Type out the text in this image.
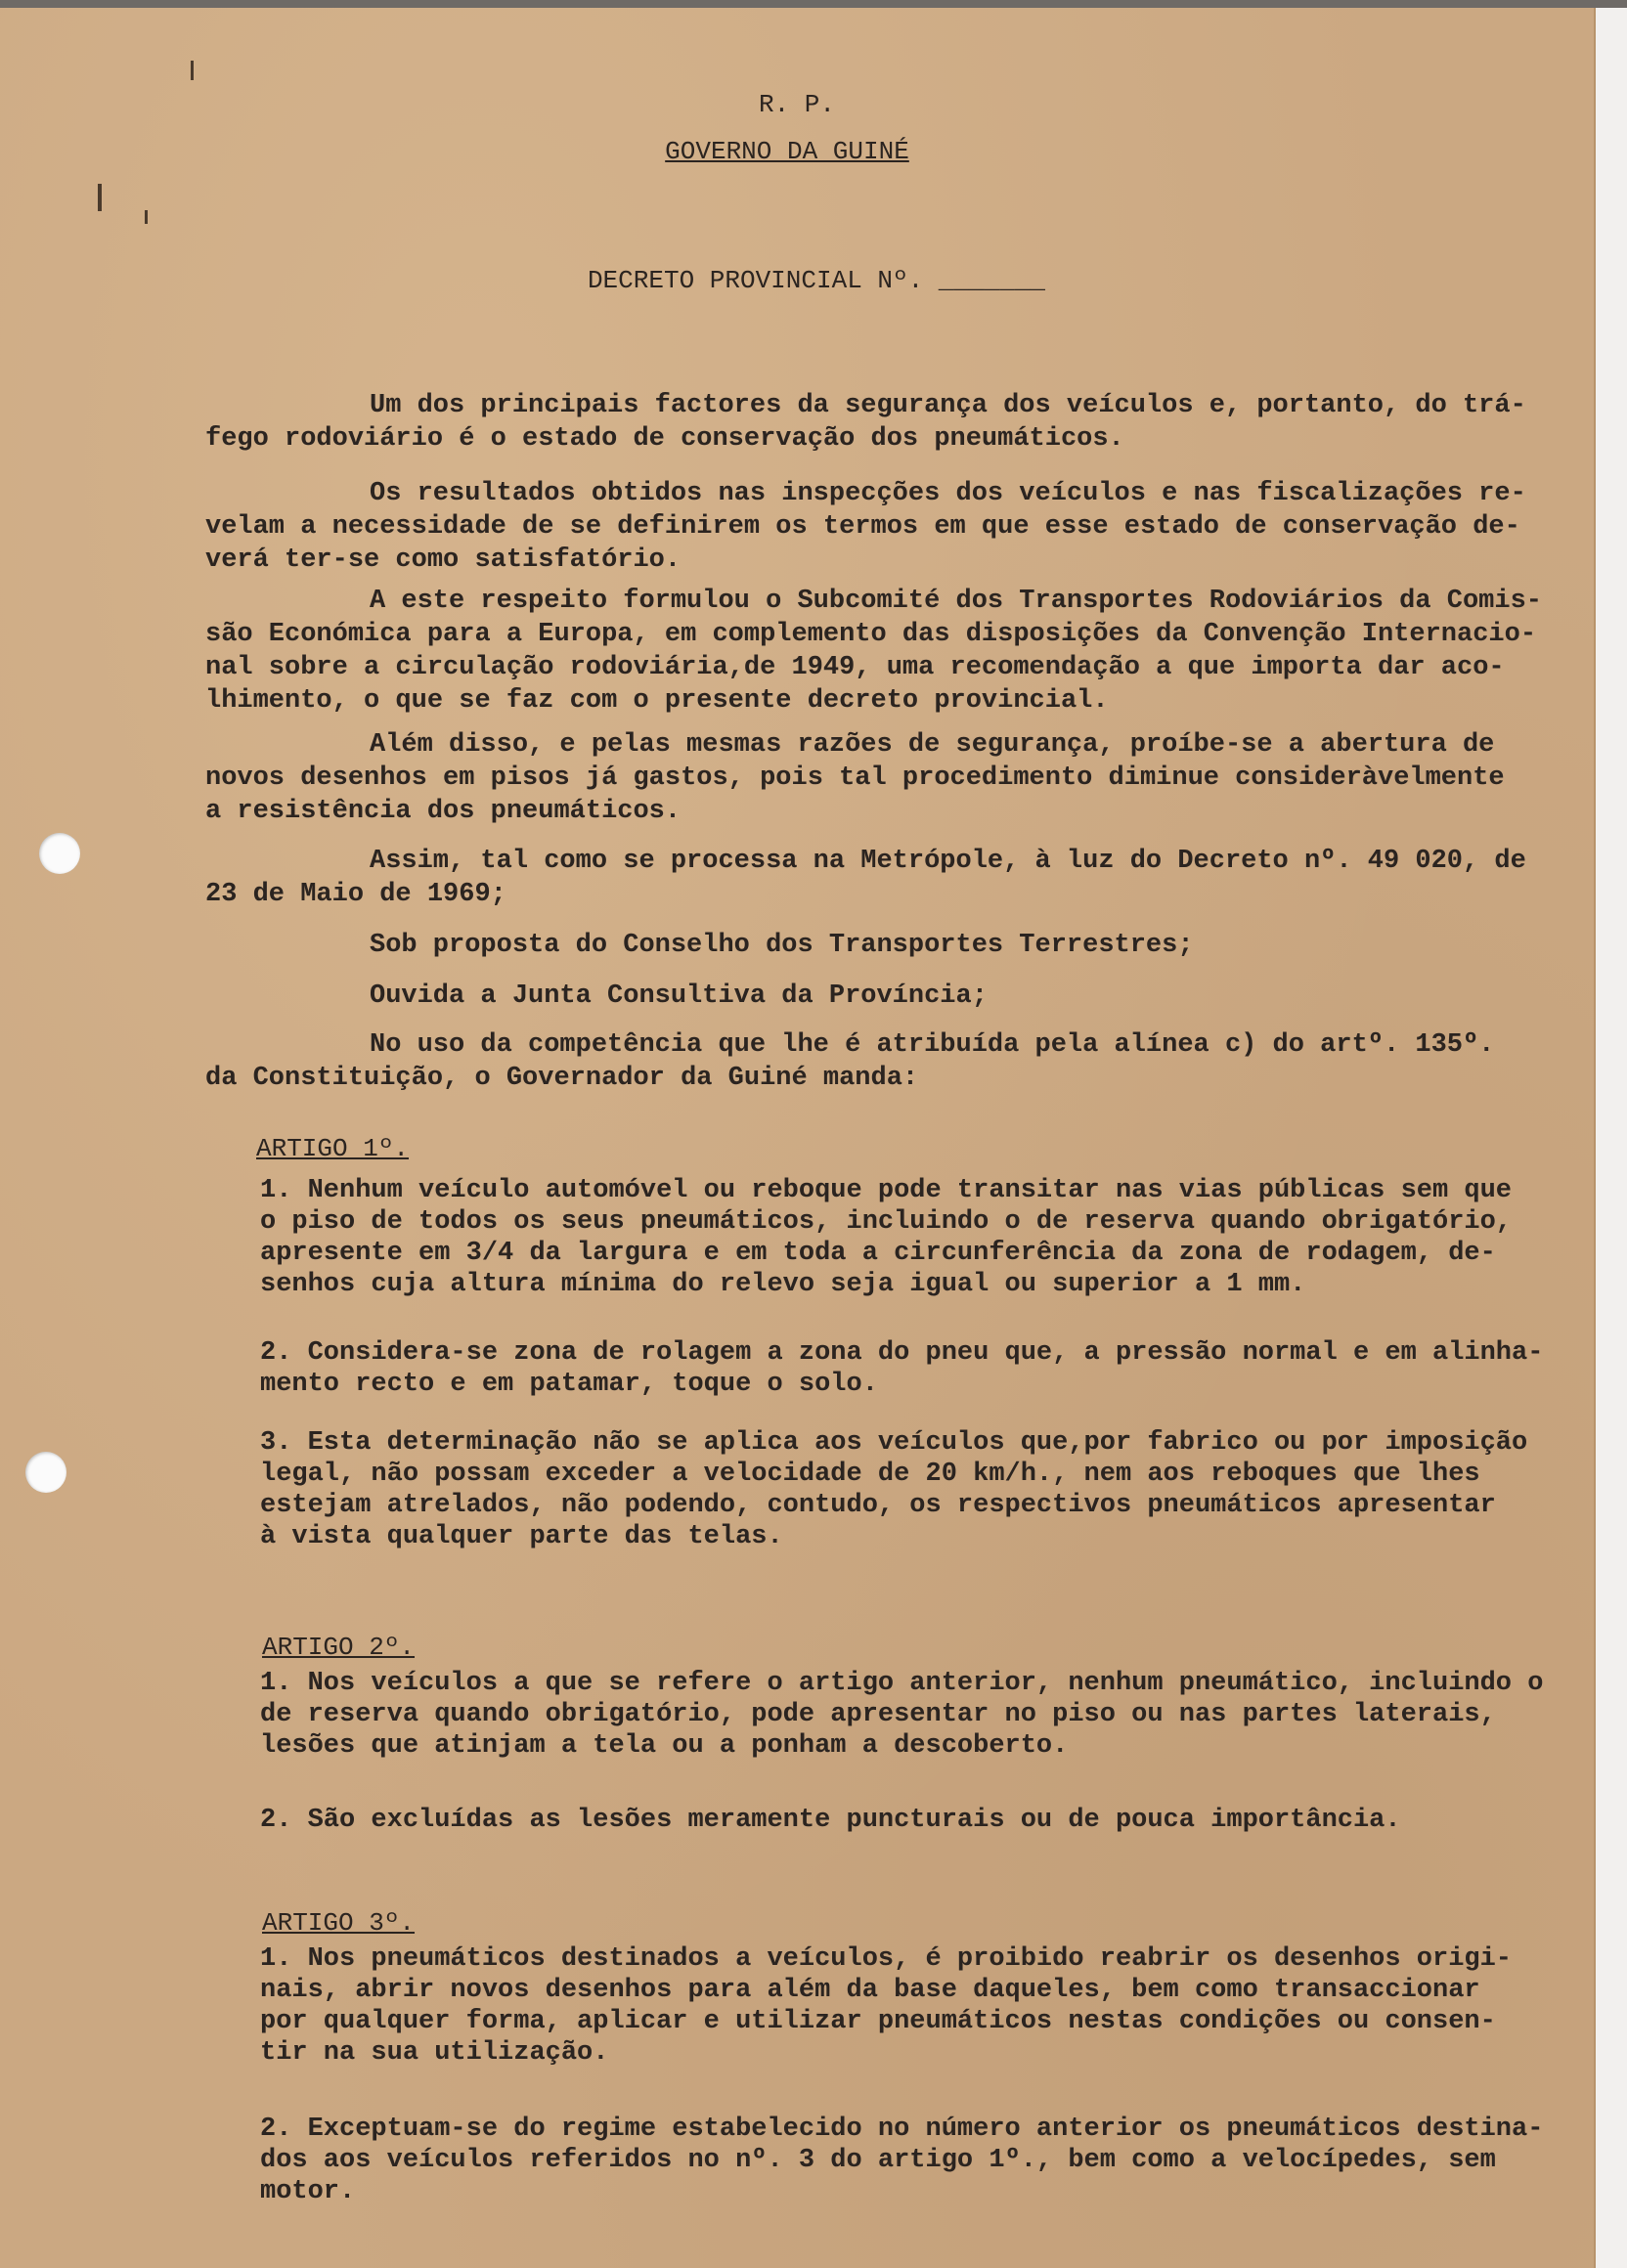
R. P.
GOVERNO DA GUINÉ
DECRETO PROVINCIAL Nº. _______
Um dos principais factores da segurança dos veículos e, portanto, do trá-
fego rodoviário é o estado de conservação dos pneumáticos.
Os resultados obtidos nas inspecções dos veículos e nas fiscalizações re-
velam a necessidade de se definirem os termos em que esse estado de conservação de-
verá ter-se como satisfatório.
A este respeito formulou o Subcomité dos Transportes Rodoviários da Comis-
são Económica para a Europa, em complemento das disposições da Convenção Internacio-
nal sobre a circulação rodoviária,de 1949, uma recomendação a que importa dar aco-
lhimento, o que se faz com o presente decreto provincial.
Além disso, e pelas mesmas razões de segurança, proíbe-se a abertura de
novos desenhos em pisos já gastos, pois tal procedimento diminue consideràvelmente
a resistência dos pneumáticos.
Assim, tal como se processa na Metrópole, à luz do Decreto nº. 49 020, de
23 de Maio de 1969;
Sob proposta do Conselho dos Transportes Terrestres;
Ouvida a Junta Consultiva da Província;
No uso da competência que lhe é atribuída pela alínea c) do artº. 135º.
da Constituição, o Governador da Guiné manda:
ARTIGO 1º.
1. Nenhum veículo automóvel ou reboque pode transitar nas vias públicas sem que
o piso de todos os seus pneumáticos, incluindo o de reserva quando obrigatório,
apresente em 3/4 da largura e em toda a circunferência da zona de rodagem, de-
senhos cuja altura mínima do relevo seja igual ou superior a 1 mm.
2. Considera-se zona de rolagem a zona do pneu que, a pressão normal e em alinha-
mento recto e em patamar, toque o solo.
3. Esta determinação não se aplica aos veículos que,por fabrico ou por imposição
legal, não possam exceder a velocidade de 20 km/h., nem aos reboques que lhes
estejam atrelados, não podendo, contudo, os respectivos pneumáticos apresentar
à vista qualquer parte das telas.
ARTIGO 2º.
1. Nos veículos a que se refere o artigo anterior, nenhum pneumático, incluindo o
de reserva quando obrigatório, pode apresentar no piso ou nas partes laterais,
lesões que atinjam a tela ou a ponham a descoberto.
2. São excluídas as lesões meramente puncturais ou de pouca importância.
ARTIGO 3º.
1. Nos pneumáticos destinados a veículos, é proibido reabrir os desenhos origi-
nais, abrir novos desenhos para além da base daqueles, bem como transaccionar
por qualquer forma, aplicar e utilizar pneumáticos nestas condições ou consen-
tir na sua utilização.
2. Exceptuam-se do regime estabelecido no número anterior os pneumáticos destina-
dos aos veículos referidos no nº. 3 do artigo 1º., bem como a velocípedes, sem
motor.
